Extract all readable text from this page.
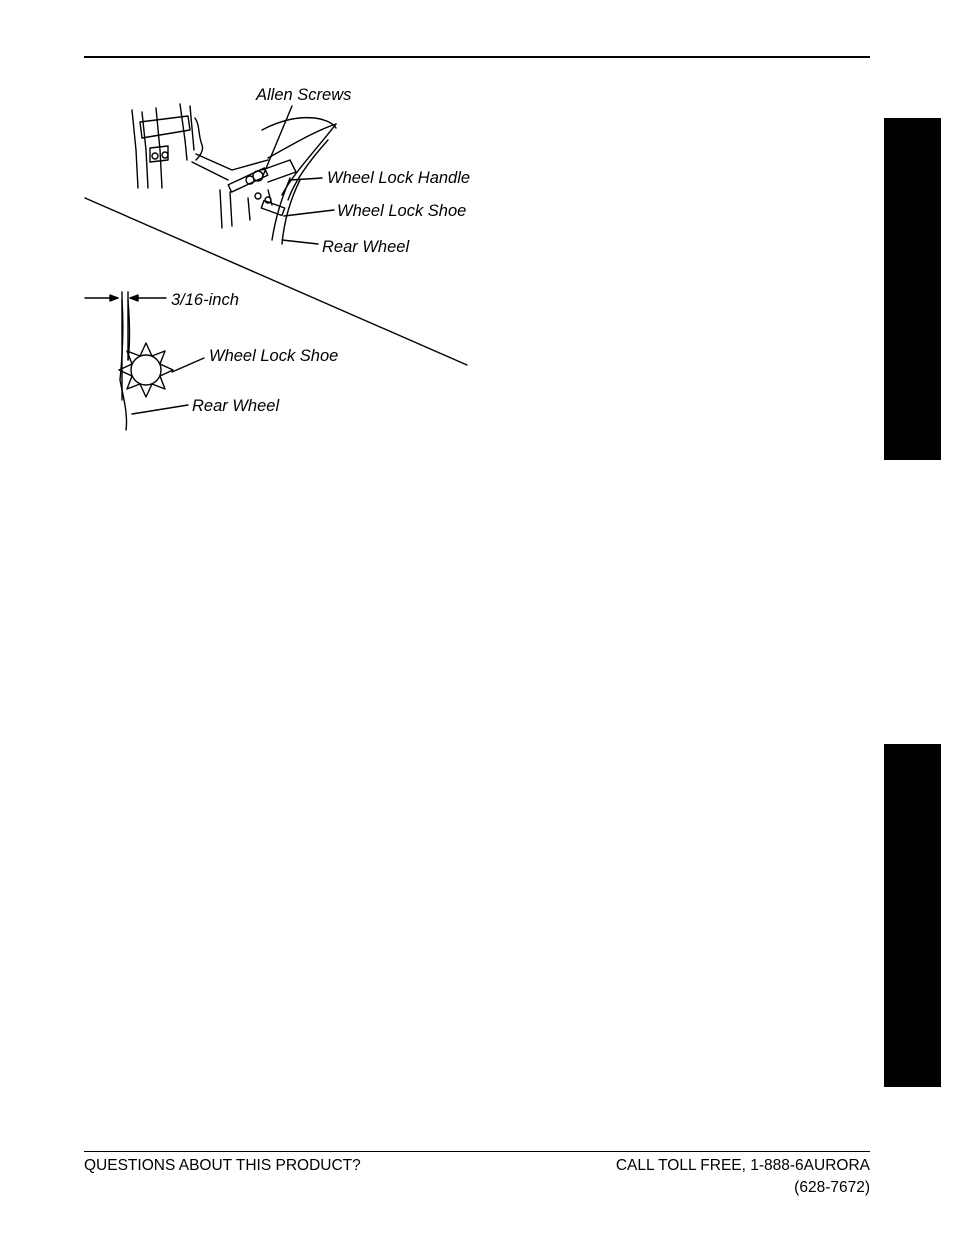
Allen Screws
Wheel Lock Handle
Wheel Lock Shoe
Rear Wheel
3/16-inch
Wheel Lock Shoe
Rear Wheel
QUESTIONS ABOUT THIS PRODUCT?	CALL TOLL FREE, 1-888-6AURORA
(628-7672)
